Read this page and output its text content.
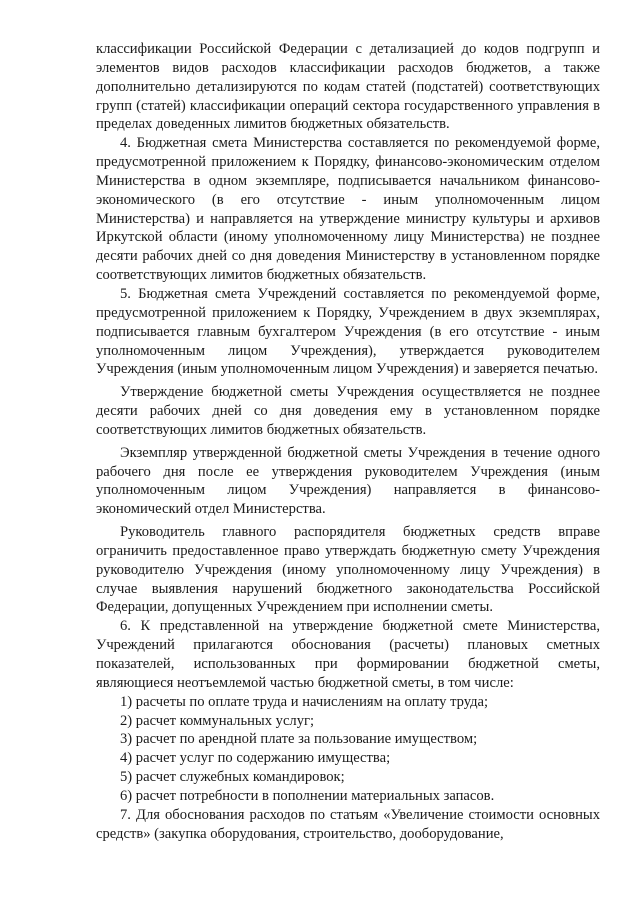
классификации Российской Федерации с детализацией до кодов подгрупп и элементов видов расходов классификации расходов бюджетов, а также дополнительно детализируются по кодам статей (подстатей) соответствующих групп (статей) классификации операций сектора государственного управления в пределах доведенных лимитов бюджетных обязательств.

4. Бюджетная смета Министерства составляется по рекомендуемой форме, предусмотренной приложением к Порядку, финансово-экономическим отделом Министерства в одном экземпляре, подписывается начальником финансово-экономического (в его отсутствие - иным уполномоченным лицом Министерства) и направляется на утверждение министру культуры и архивов Иркутской области (иному уполномоченному лицу Министерства) не позднее десяти рабочих дней со дня доведения Министерству в установленном порядке соответствующих лимитов бюджетных обязательств.

5. Бюджетная смета Учреждений составляется по рекомендуемой форме, предусмотренной приложением к Порядку, Учреждением в двух экземплярах, подписывается главным бухгалтером Учреждения (в его отсутствие - иным уполномоченным лицом Учреждения), утверждается руководителем Учреждения (иным уполномоченным лицом Учреждения) и заверяется печатью.

Утверждение бюджетной сметы Учреждения осуществляется не позднее десяти рабочих дней со дня доведения ему в установленном порядке соответствующих лимитов бюджетных обязательств.

Экземпляр утвержденной бюджетной сметы Учреждения в течение одного рабочего дня после ее утверждения руководителем Учреждения (иным уполномоченным лицом Учреждения) направляется в финансово-экономический отдел Министерства.

Руководитель главного распорядителя бюджетных средств вправе ограничить предоставленное право утверждать бюджетную смету Учреждения руководителю Учреждения (иному уполномоченному лицу Учреждения) в случае выявления нарушений бюджетного законодательства Российской Федерации, допущенных Учреждением при исполнении сметы.

6. К представленной на утверждение бюджетной смете Министерства, Учреждений прилагаются обоснования (расчеты) плановых сметных показателей, использованных при формировании бюджетной сметы, являющиеся неотъемлемой частью бюджетной сметы, в том числе:

1) расчеты по оплате труда и начислениям на оплату труда;

2) расчет коммунальных услуг;

3) расчет по арендной плате за пользование имуществом;

4) расчет услуг по содержанию имущества;

5) расчет служебных командировок;

6) расчет потребности в пополнении материальных запасов.

7. Для обоснования расходов по статьям «Увеличение стоимости основных средств» (закупка оборудования, строительство, дооборудование,
